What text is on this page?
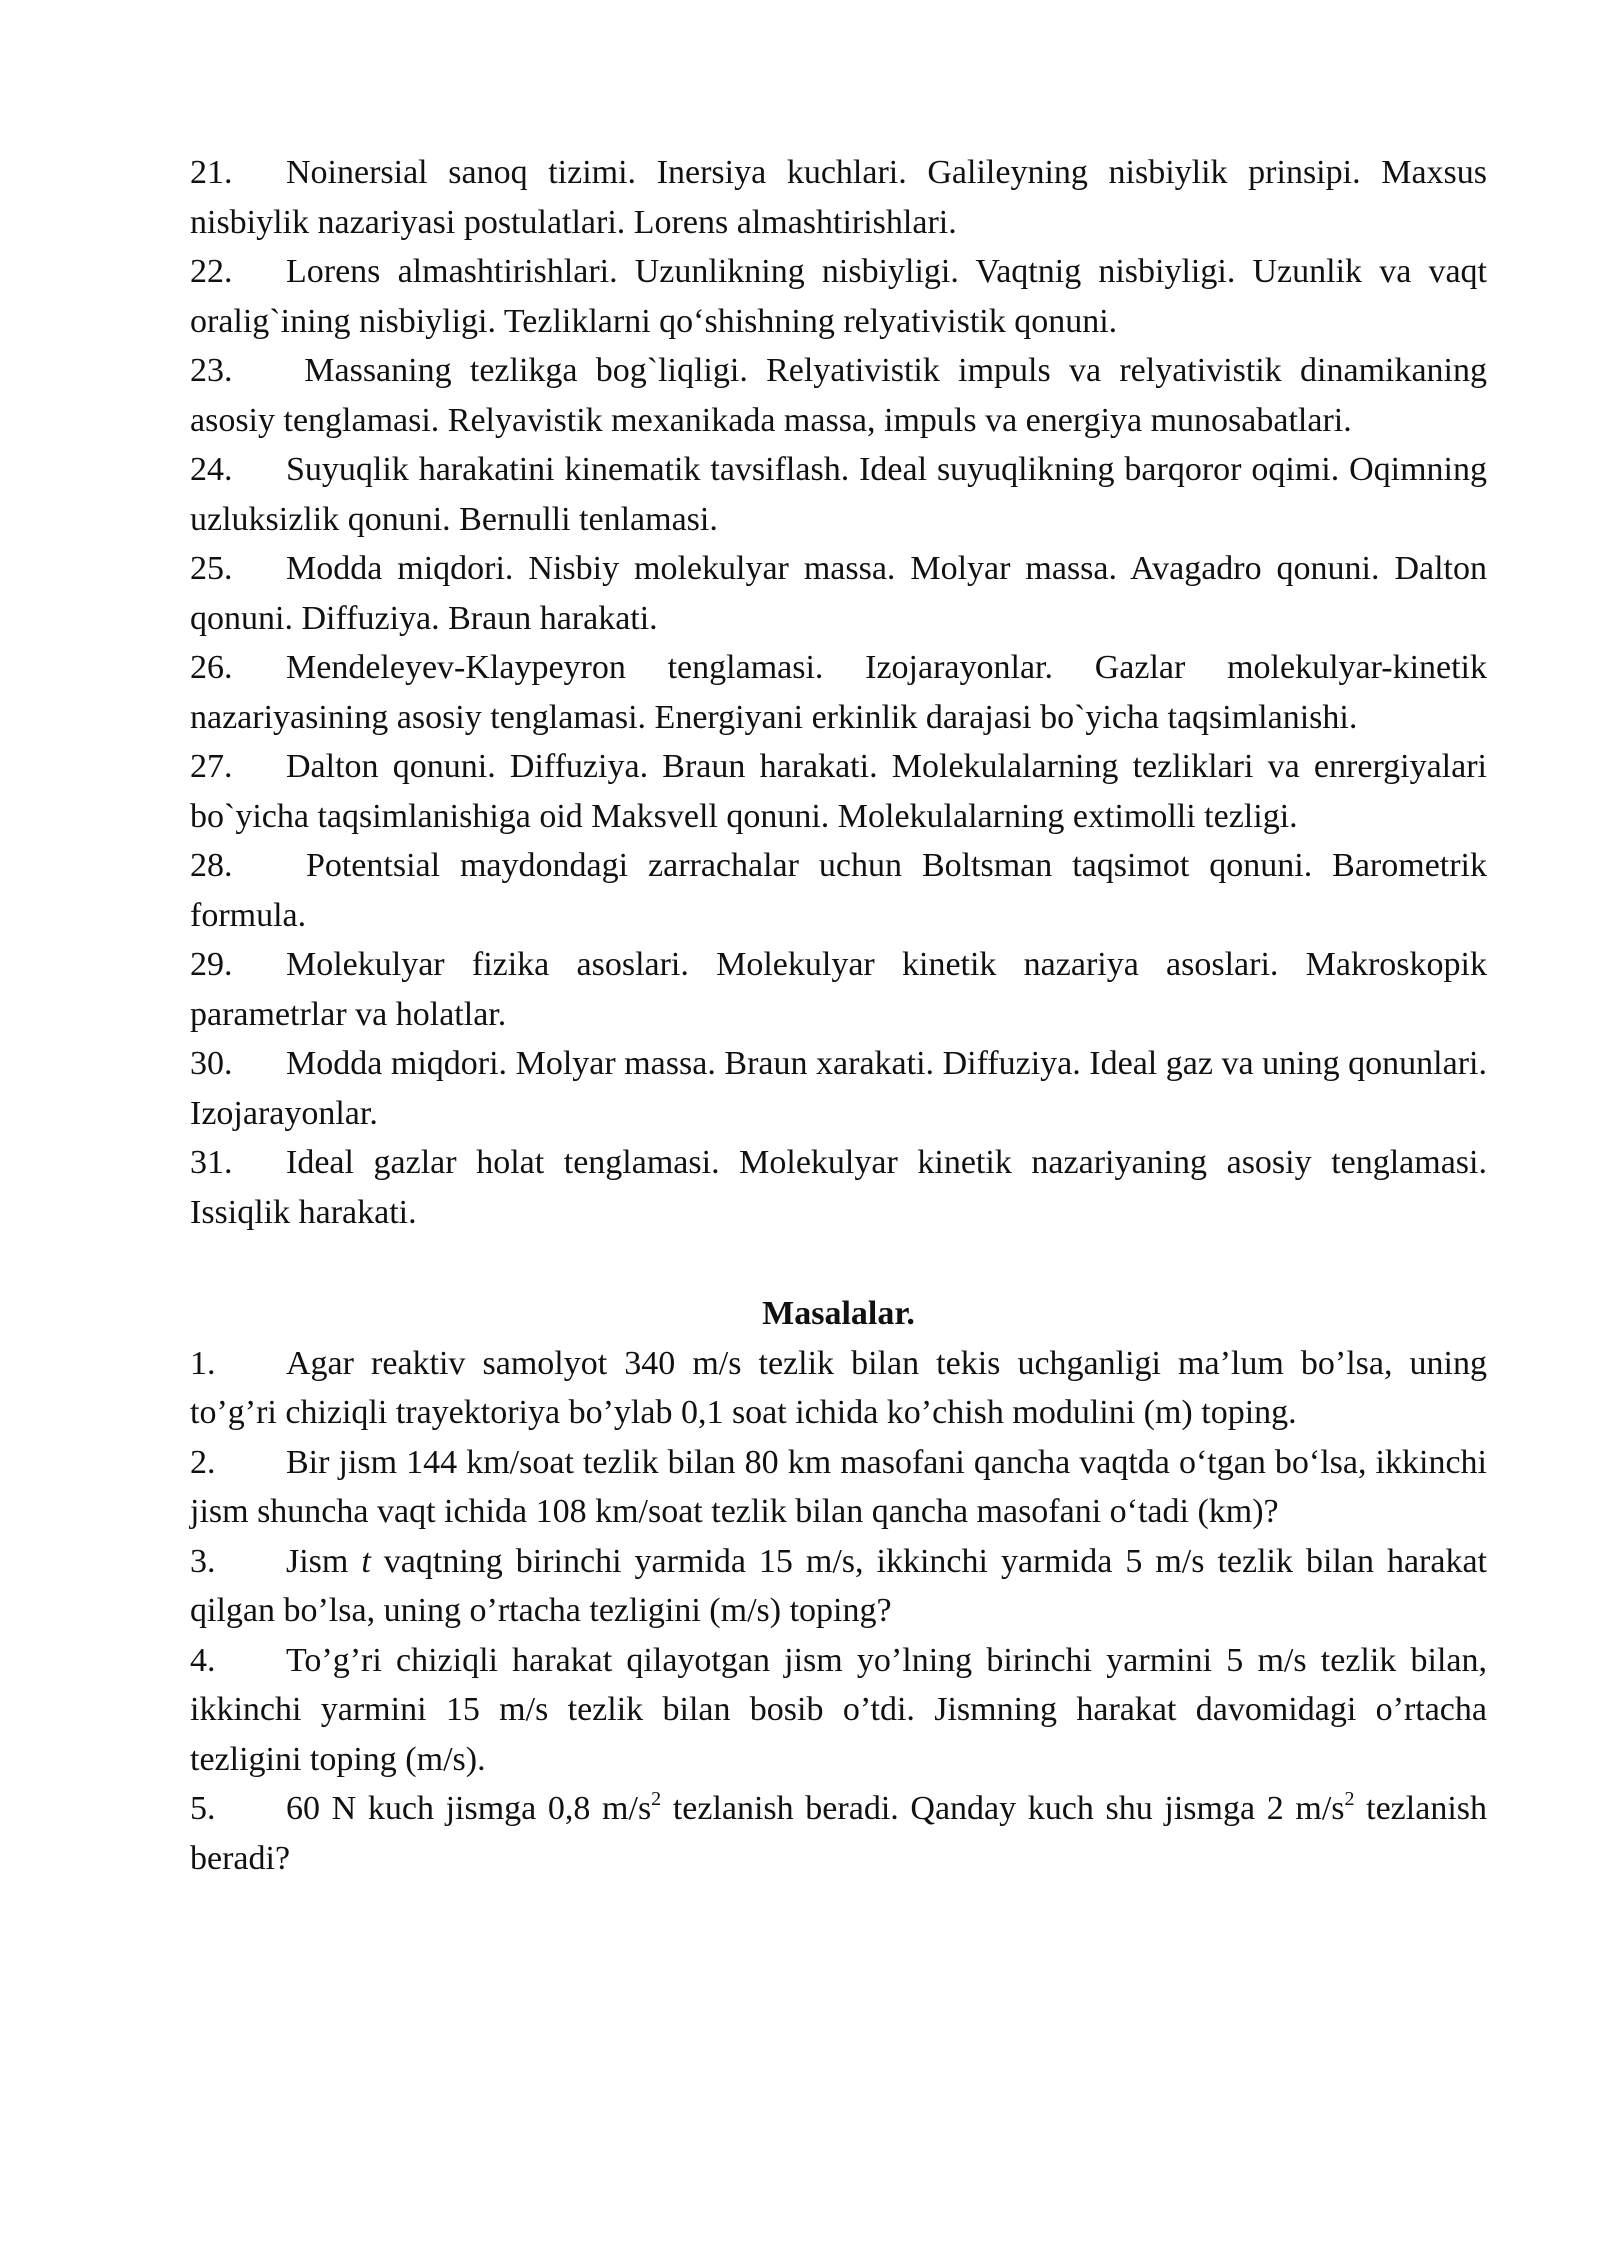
21. Noinersial sanoq tizimi. Inersiya kuchlari. Galileyning nisbiylik prinsipi. Maxsus nisbiylik nazariyasi postulatlari. Lorens almashtirishlari.

22. Lorens almashtirishlari. Uzunlikning nisbiyligi. Vaqtnig nisbiyligi. Uzunlik va vaqt oralig`ining nisbiyligi. Tezliklarni qo‘shishning relyativistik qonuni.

23. Massaning tezlikga bog`liqligi. Relyativistik impuls va relyativistik dinamikaning asosiy tenglamasi. Relyavistik mexanikada massa, impuls va energiya munosabatlari.

24. Suyuqlik harakatini kinematik tavsiflash. Ideal suyuqlikning barqoror oqimi. Oqimning uzluksizlik qonuni. Bernulli tenlamasi.

25. Modda miqdori. Nisbiy molekulyar massa. Molyar massa. Avagadro qonuni. Dalton qonuni. Diffuziya. Braun harakati.

26. Mendeleyev-Klaypeyron tenglamasi. Izojarayonlar. Gazlar molekulyar-kinetik nazariyasining asosiy tenglamasi. Energiyani erkinlik darajasi bo`yicha taqsimlanishi.

27. Dalton qonuni. Diffuziya. Braun harakati. Molekulalarning tezliklari va enrergiyalari bo`yicha taqsimlanishiga oid Maksvell qonuni. Molekulalarning extimolli tezligi.

28. Potentsial maydondagi zarrachalar uchun Boltsman taqsimot qonuni. Barometrik formula.

29. Molekulyar fizika asoslari. Molekulyar kinetik nazariya asoslari. Makroskopik parametrlar va holatlar.

30. Modda miqdori. Molyar massa. Braun xarakati. Diffuziya. Ideal gaz va uning qonunlari. Izojarayonlar.

31. Ideal gazlar holat tenglamasi. Molekulyar kinetik nazariyaning asosiy tenglamasi. Issiqlik harakati.

Masalalar.

1. Agar reaktiv samolyot 340 m/s tezlik bilan tekis uchganligi ma’lum bo’lsa, uning to’g’ri chiziqli trayektoriya bo’ylab 0,1 soat ichida ko’chish modulini (m) toping.

2. Bir jism 144 km/soat tezlik bilan 80 km masofani qancha vaqtda o‘tgan bo‘lsa, ikkinchi jism shuncha vaqt ichida 108 km/soat tezlik bilan qancha masofani o‘tadi (km)?

3. Jism t vaqtning birinchi yarmida 15 m/s, ikkinchi yarmida 5 m/s tezlik bilan harakat qilgan bo’lsa, uning o’rtacha tezligini (m/s) toping?

4. To’g’ri chiziqli harakat qilayotgan jism yo’lning birinchi yarmini 5 m/s tezlik bilan, ikkinchi yarmini 15 m/s tezlik bilan bosib o’tdi. Jismning harakat davomidagi o’rtacha tezligini toping (m/s).

5. 60 N kuch jismga 0,8 $m/s^2$ tezlanish beradi. Qanday kuch shu jismga 2 $m/s^2$ tezlanish beradi?
